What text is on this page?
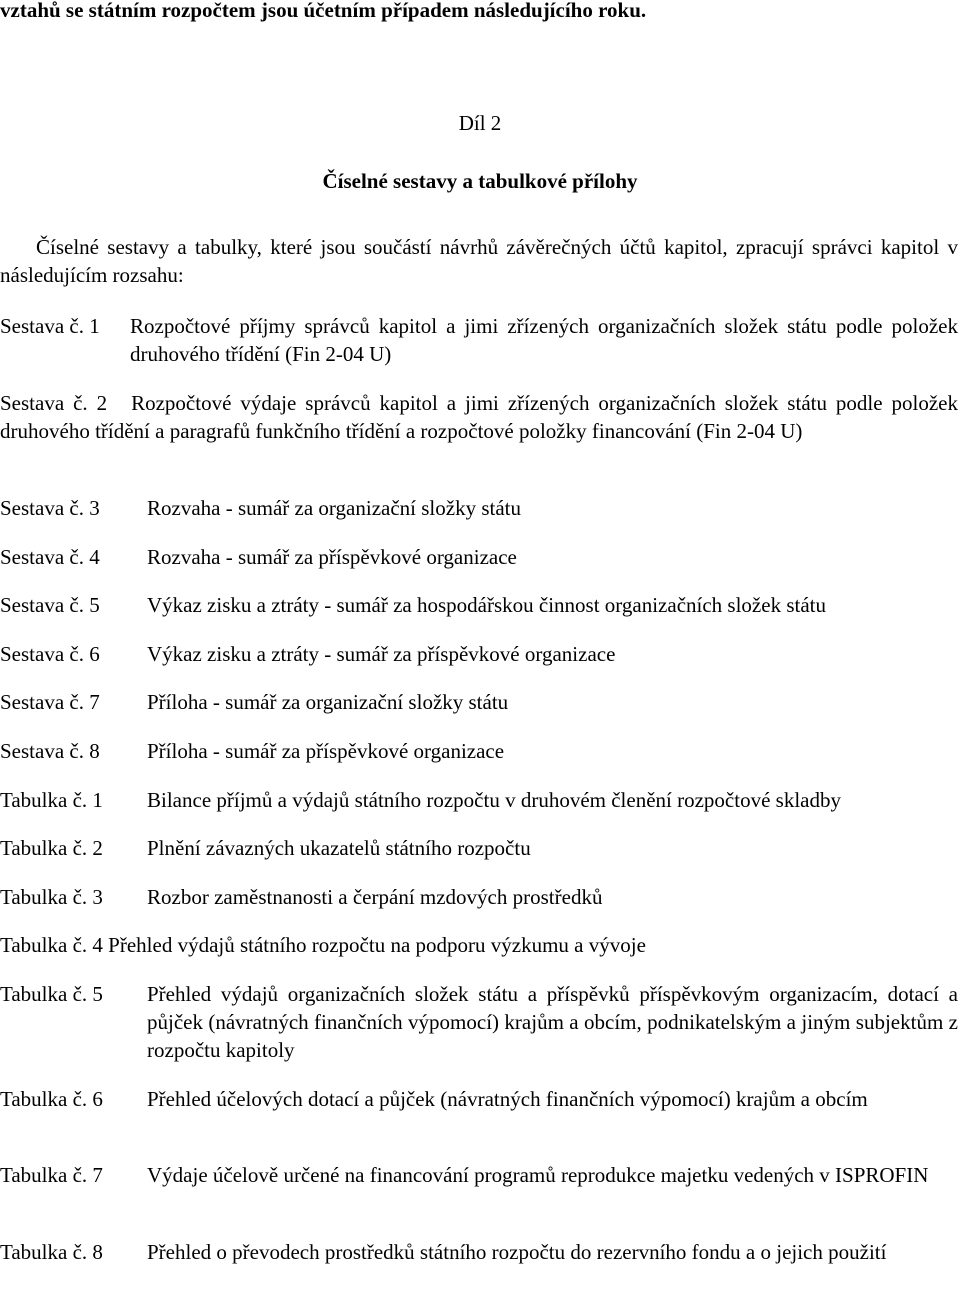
vztahů se státním rozpočtem jsou účetním případem následujícího roku.
Díl 2
Číselné sestavy a tabulkové přílohy
Číselné sestavy a tabulky, které jsou součástí návrhů závěrečných účtů kapitol, zpracují správci kapitol v následujícím rozsahu:
Sestava č. 1 Rozpočtové příjmy správců kapitol a jimi zřízených organizačních složek státu podle položek druhového třídění (Fin 2-04 U)
Sestava č. 2 Rozpočtové výdaje správců kapitol a jimi zřízených organizačních složek státu podle položek druhového třídění a paragrafů funkčního třídění a rozpočtové položky financování (Fin 2-04 U)
Sestava č. 3 Rozvaha - sumář za organizační složky státu
Sestava č. 4 Rozvaha - sumář za příspěvkové organizace
Sestava č. 5 Výkaz zisku a ztráty - sumář za hospodářskou činnost organizačních složek státu
Sestava č. 6 Výkaz zisku a ztráty - sumář za příspěvkové organizace
Sestava č. 7 Příloha - sumář za organizační složky státu
Sestava č. 8 Příloha - sumář za příspěvkové organizace
Tabulka č. 1 Bilance příjmů a výdajů státního rozpočtu v druhovém členění rozpočtové skladby
Tabulka č. 2 Plnění závazných ukazatelů státního rozpočtu
Tabulka č. 3 Rozbor zaměstnanosti a čerpání mzdových prostředků
Tabulka č. 4 Přehled výdajů státního rozpočtu na podporu výzkumu a vývoje
Tabulka č. 5 Přehled výdajů organizačních složek státu a příspěvků příspěvkovým organizacím, dotací a půjček (návratných finančních výpomocí) krajům a obcím, podnikatelským a jiným subjektům z rozpočtu kapitoly
Tabulka č. 6 Přehled účelových dotací a půjček (návratných finančních výpomocí) krajům a obcím
Tabulka č. 7 Výdaje účelově určené na financování programů reprodukce majetku vedených v ISPROFIN
Tabulka č. 8 Přehled o převodech prostředků státního rozpočtu do rezervního fondu a o jejich použití
